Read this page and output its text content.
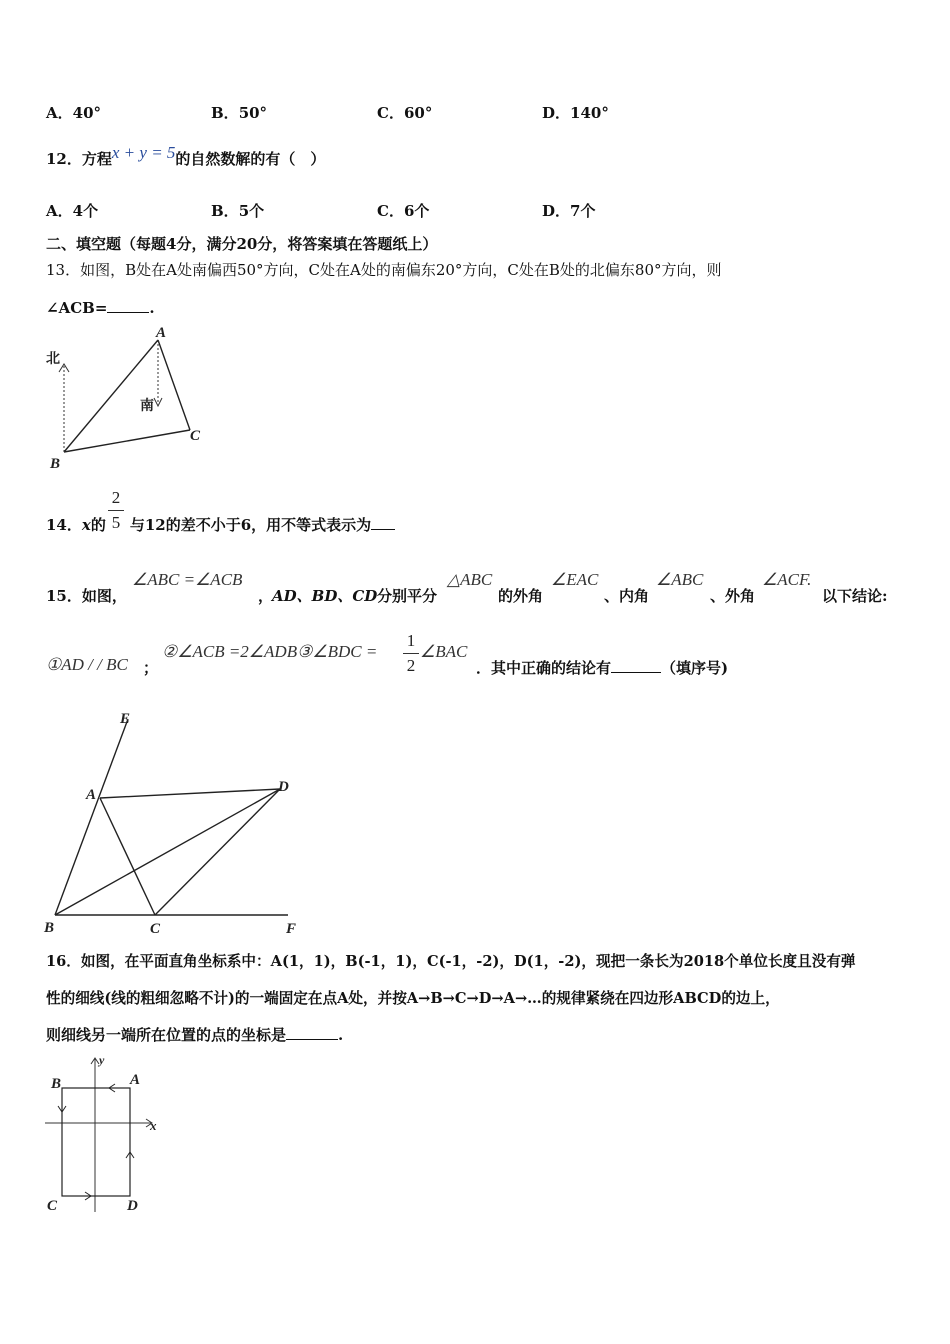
A．40°	B．50°	C．60°	D．140°
12．方程x + y = 5的自然数解的有（　）
A．4个	B．5个	C．6个	D．7个
二、填空题（每题4分，满分20分，将答案填在答题纸上）
13．如图，B处在A处南偏西50°方向，C处在A处的南偏东20°方向，C处在B处的北偏东80°方向，则
∠ACB=	.
北
南
A
B
C
2
5
14．x的 与12的差不小于6，用不等式表示为
15．如图，
∠ABC =∠ACB
，
AD、BD、CD 分别平分
△ABC
的外角
∠EAC
、内角
∠ABC
、外角
∠ACF.
以下结论:
①AD / / BC ；
②∠ACB =2∠ADB③∠BDC =
1
2
∠BAC
．其中正确的结论有	（填序号)
E
A	D
B	C	F
16．如图，在平面直角坐标系中：A(1，1)，B(-1，1)，C(-1，-2)，D(1，-2)，现把一条长为2018个单位长度且没有弹
性的细线(线的粗细忽略不计)的一端固定在点A处，并按A→B→C→D→A→…的规律紧绕在四边形ABCD的边上，
则细线另一端所在位置的点的坐标是	.
B	A
y
x
C	D
